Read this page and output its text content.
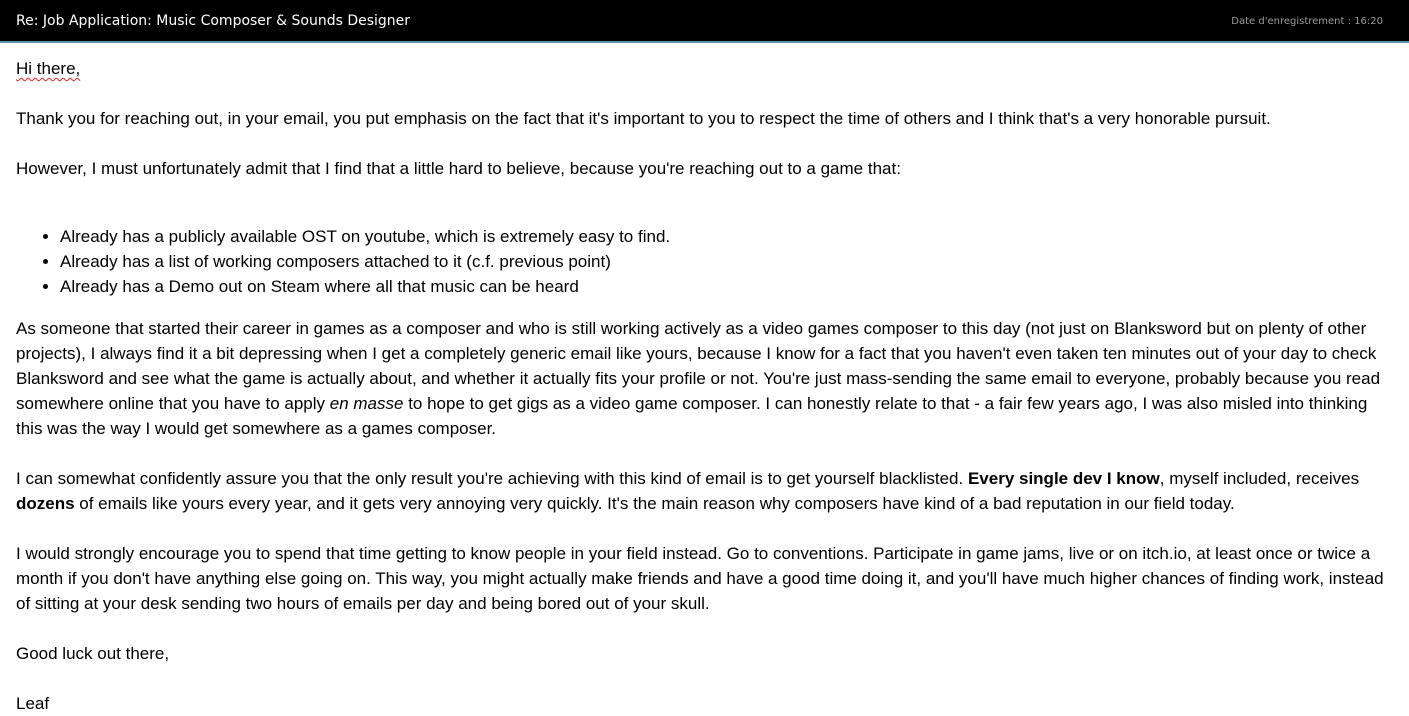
Re: Job Application: Music Composer & Sounds Designer	Date d'enregistrement : 16:20

Hi there,

Thank you for reaching out, in your email, you put emphasis on the fact that it's important to you to respect the time of others and I think that's a very honorable pursuit.

However, I must unfortunately admit that I find that a little hard to believe, because you're reaching out to a game that:

• Already has a publicly available OST on youtube, which is extremely easy to find.
• Already has a list of working composers attached to it (c.f. previous point)
• Already has a Demo out on Steam where all that music can be heard

As someone that started their career in games as a composer and who is still working actively as a video games composer to this day (not just on Blanksword but on plenty of other projects), I always find it a bit depressing when I get a completely generic email like yours, because I know for a fact that you haven't even taken ten minutes out of your day to check Blanksword and see what the game is actually about, and whether it actually fits your profile or not. You're just mass-sending the same email to everyone, probably because you read somewhere online that you have to apply en masse to hope to get gigs as a video game composer. I can honestly relate to that - a fair few years ago, I was also misled into thinking this was the way I would get somewhere as a games composer.

I can somewhat confidently assure you that the only result you're achieving with this kind of email is to get yourself blacklisted. Every single dev I know, myself included, receives dozens of emails like yours every year, and it gets very annoying very quickly. It's the main reason why composers have kind of a bad reputation in our field today.

I would strongly encourage you to spend that time getting to know people in your field instead. Go to conventions. Participate in game jams, live or on itch.io, at least once or twice a month if you don't have anything else going on. This way, you might actually make friends and have a good time doing it, and you'll have much higher chances of finding work, instead of sitting at your desk sending two hours of emails per day and being bored out of your skull.

Good luck out there,

Leaf
